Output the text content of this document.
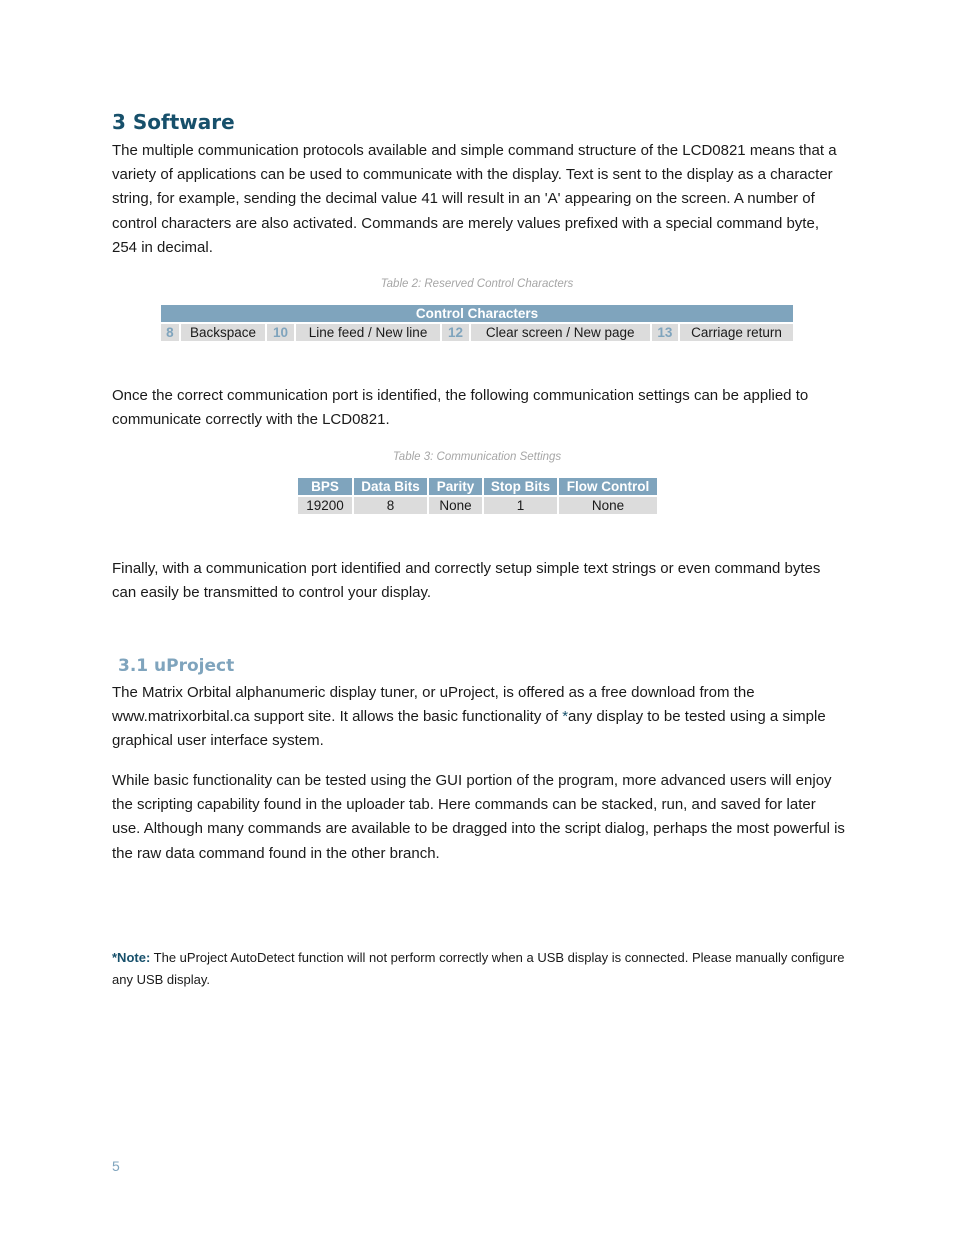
3 Software

The multiple communication protocols available and simple command structure of the LCD0821 means that a variety of applications can be used to communicate with the display. Text is sent to the display as a character string, for example, sending the decimal value 41 will result in an 'A' appearing on the screen. A number of control characters are also activated. Commands are merely values prefixed with a special command byte, 254 in decimal.

Table 2: Reserved Control Characters

Control Characters
8	Backspace	10	Line feed / New line	12	Clear screen / New page	13	Carriage return

Once the correct communication port is identified, the following communication settings can be applied to communicate correctly with the LCD0821.

Table 3: Communication Settings

BPS	Data Bits	Parity	Stop Bits	Flow Control
19200	8	None	1	None

Finally, with a communication port identified and correctly setup simple text strings or even command bytes can easily be transmitted to control your display.

3.1 uProject

The Matrix Orbital alphanumeric display tuner, or uProject, is offered as a free download from the www.matrixorbital.ca support site. It allows the basic functionality of *any display to be tested using a simple graphical user interface system.

While basic functionality can be tested using the GUI portion of the program, more advanced users will enjoy the scripting capability found in the uploader tab. Here commands can be stacked, run, and saved for later use. Although many commands are available to be dragged into the script dialog, perhaps the most powerful is the raw data command found in the other branch.

*Note: The uProject AutoDetect function will not perform correctly when a USB display is connected. Please manually configure any USB display.

5
